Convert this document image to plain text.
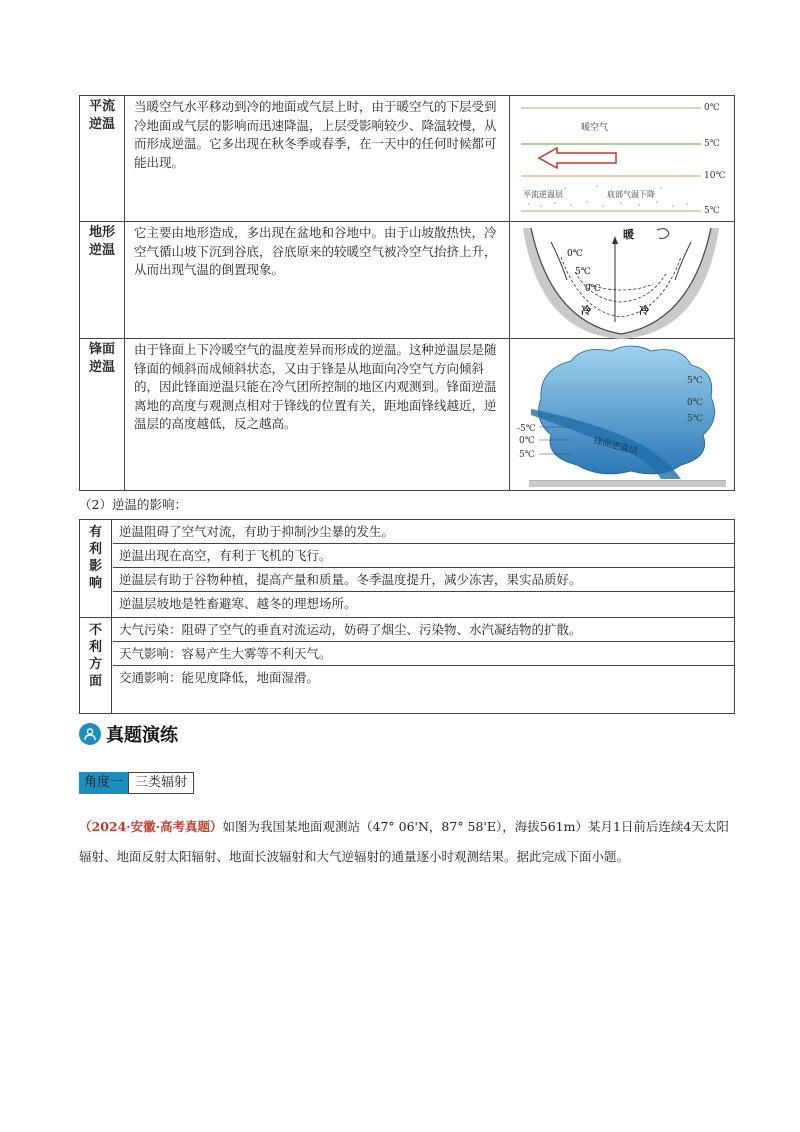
平流
逆温
当暖空气水平移动到冷的地面或气层上时，由于暖空气的下层受到冷地面或气层的影响而迅速降温，上层受影响较少、降温较慢，从而形成逆温。它多出现在秋冬季或春季，在一天中的任何时候都可能出现。
暖空气
0℃
5℃
10℃
5℃
平流逆温层	底部气温下降
地形
逆温
它主要由地形造成，多出现在盆地和谷地中。由于山坡散热快，冷空气循山坡下沉到谷底，谷底原来的较暖空气被冷空气抬挤上升，从而出现气温的倒置现象。
暖
0℃
5℃
0℃
冷	冷
锋面
逆温
由于锋面上下冷暖空气的温度差异而形成的逆温。这种逆温层是随锋面的倾斜而成倾斜状态，又由于锋是从地面向冷空气方向倾斜的，因此锋面逆温只能在冷气团所控制的地区内观测到。锋面逆温离地的高度与观测点相对于锋线的位置有关，距地面锋线越近，逆温层的高度越低，反之越高。
锋面逆温层
5℃
0℃
5℃
-5℃
0℃
5℃
（2）逆温的影响：
有
利
影
响
逆温阻碍了空气对流，有助于抑制沙尘暴的发生。
逆温出现在高空，有利于飞机的飞行。
逆温层有助于谷物种植，提高产量和质量。冬季温度提升，减少冻害，果实品质好。
逆温层坡地是牲畜避寒、越冬的理想场所。
不
利
方
面
大气污染：阻碍了空气的垂直对流运动，妨碍了烟尘、污染物、水汽凝结物的扩散。
天气影响：容易产生大雾等不利天气。
交通影响：能见度降低，地面湿滑。
真题演练
角度一 三类辐射
（2024·安徽·高考真题）如图为我国某地面观测站（47° 06'N，87° 58'E），海拔561m）某月1日前后连续4天太阳辐射、地面反射太阳辐射、地面长波辐射和大气逆辐射的通量逐小时观测结果。据此完成下面小题。
